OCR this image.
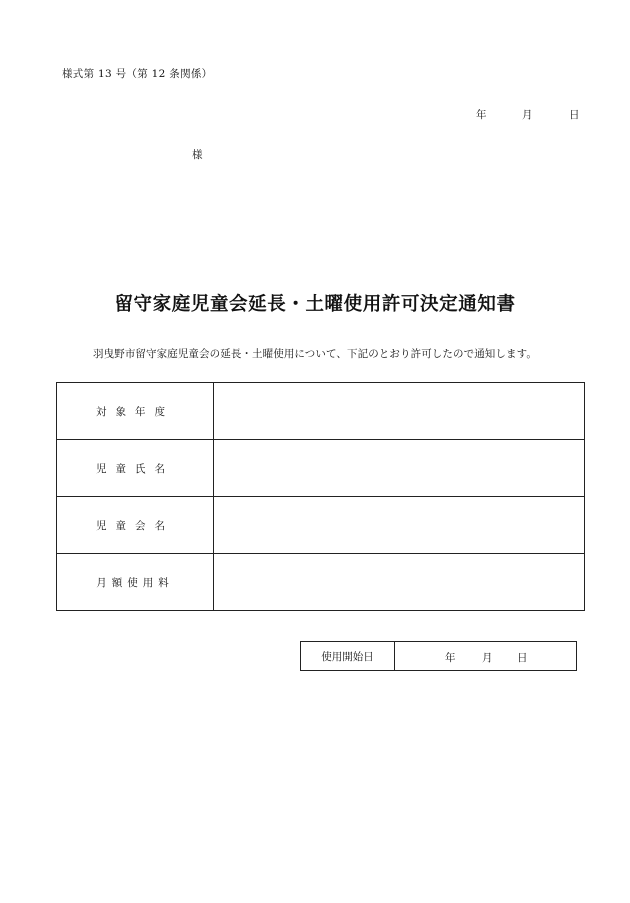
様式第 13 号（第 12 条関係）
年	月	日
様
留守家庭児童会延長・土曜使用許可決定通知書
羽曳野市留守家庭児童会の延長・土曜使用について、下記のとおり許可したので通知します。
対象年度	
児童氏名	
児童会名	
月額使用料	
使用開始日	年	月 日
